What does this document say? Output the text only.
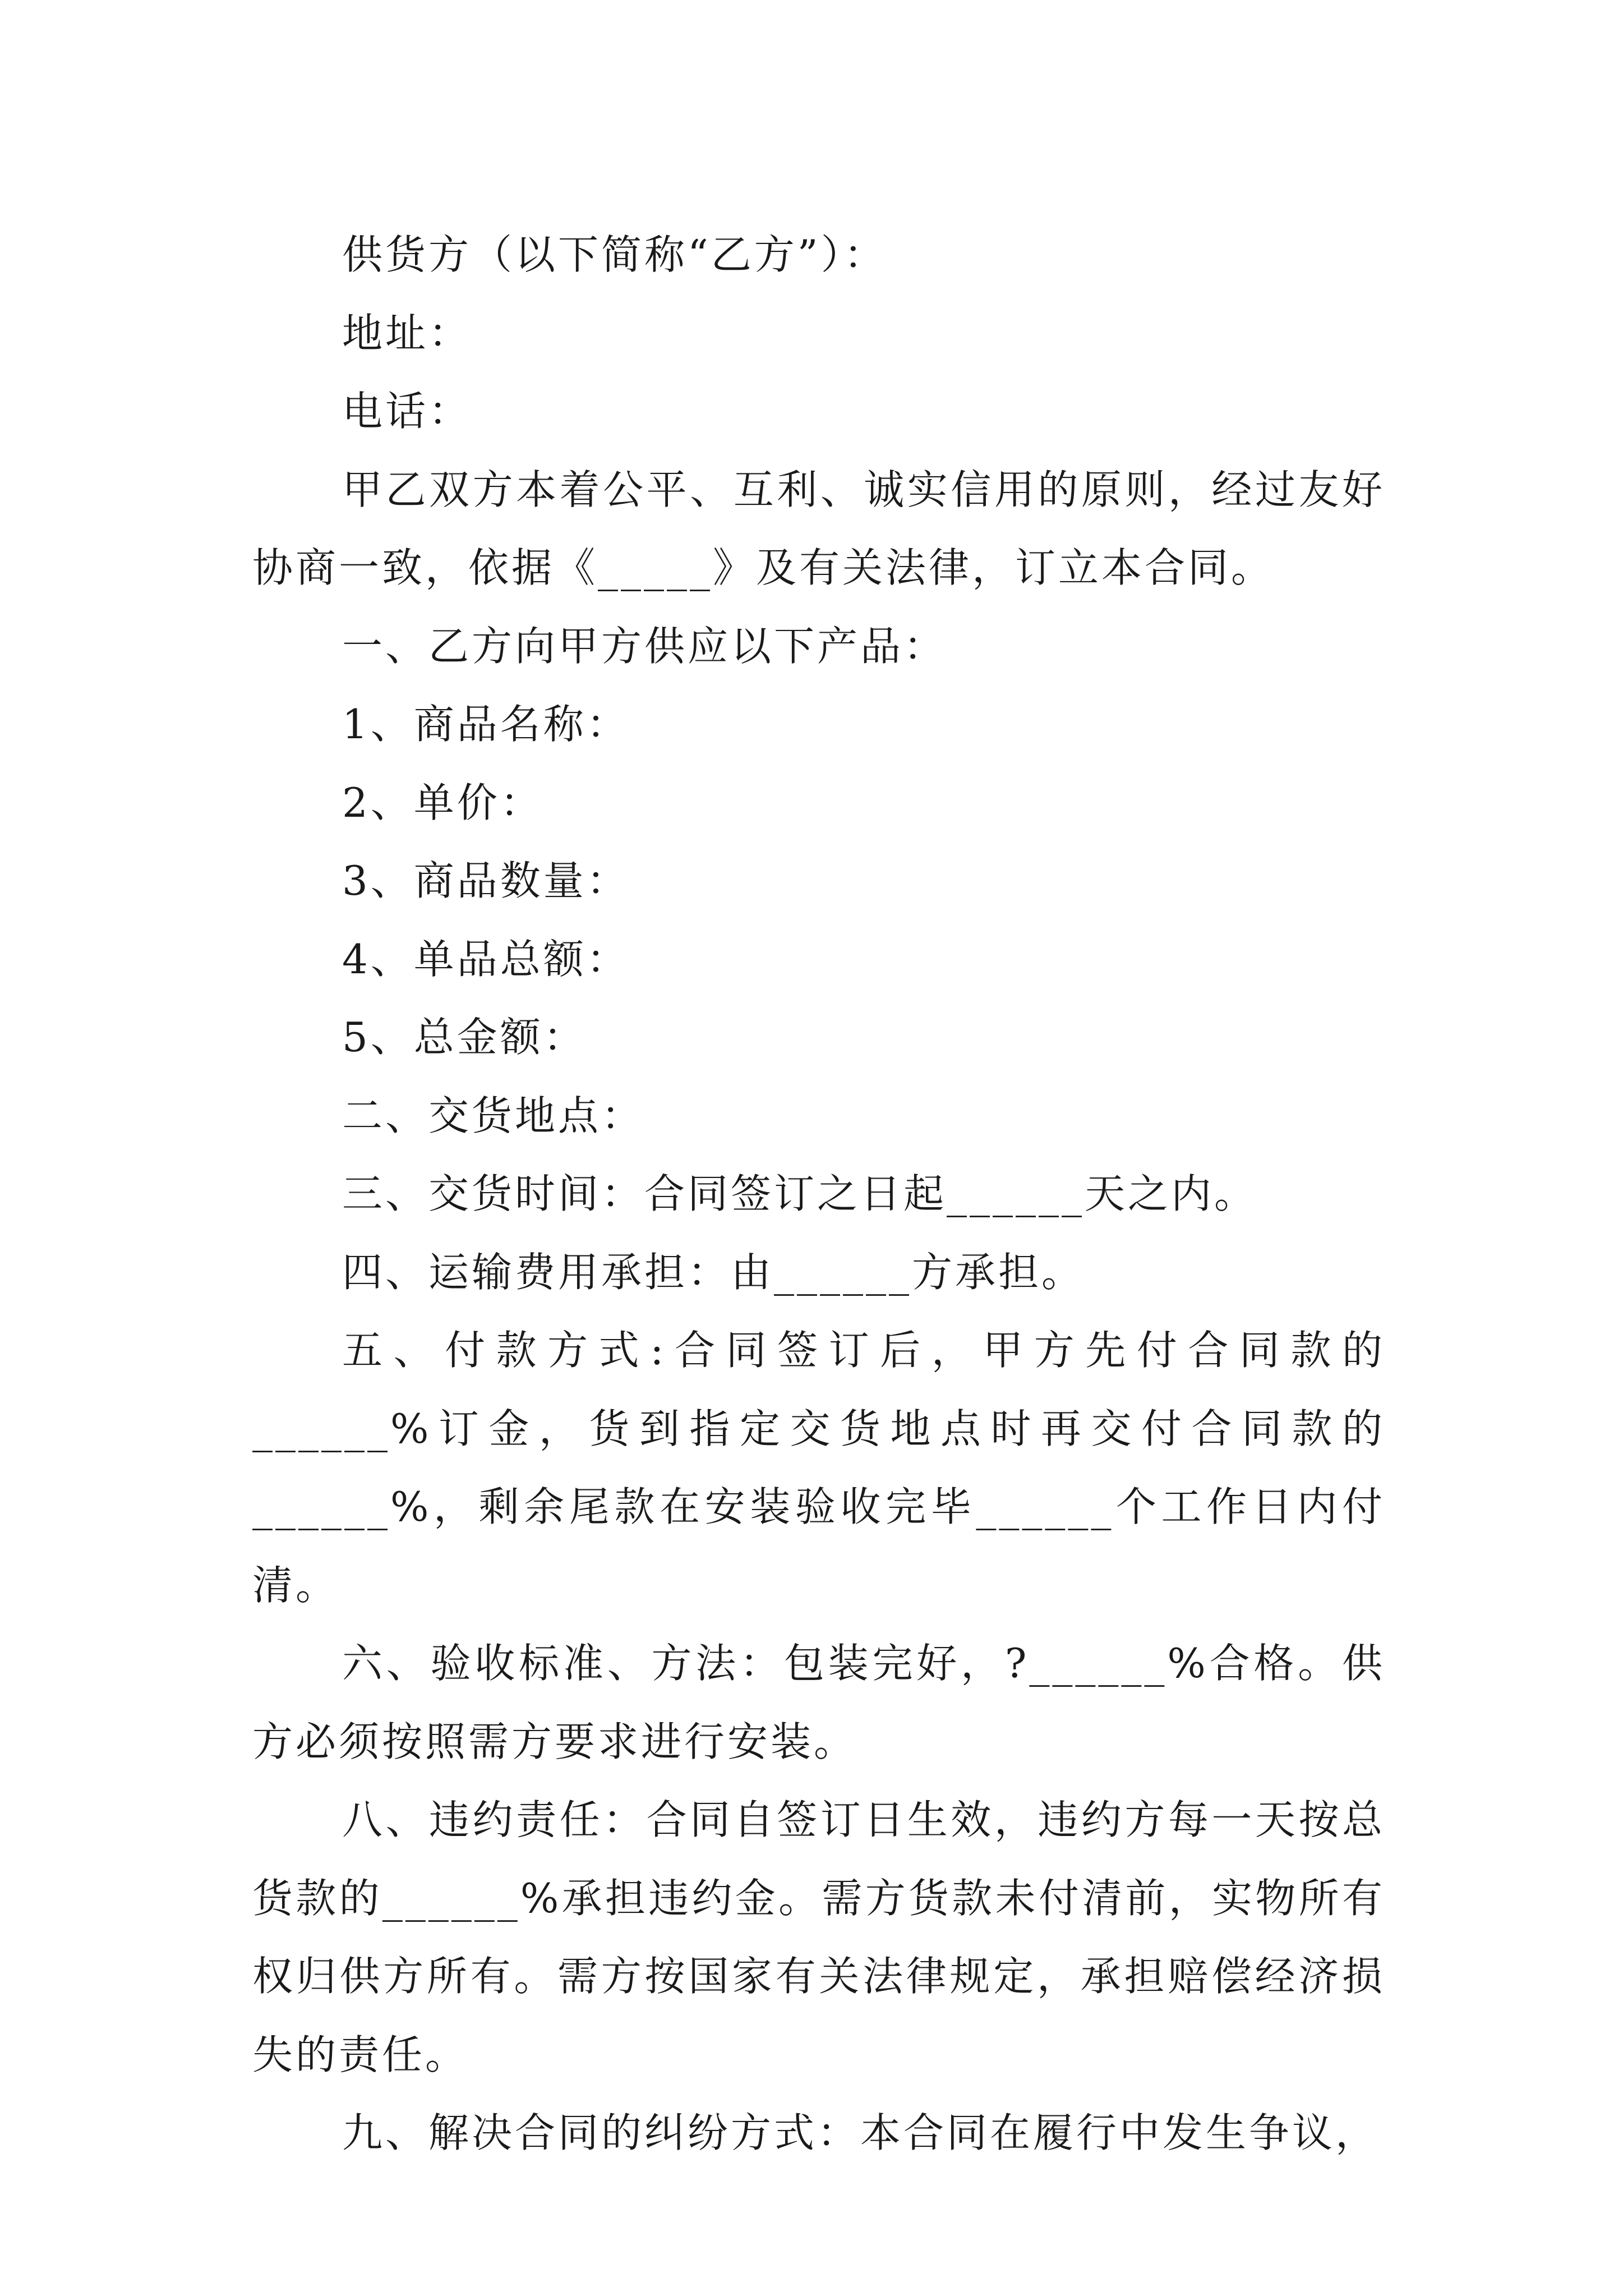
供货方（以下简称“乙方”）：

地址：

电话：

甲乙双方本着公平、互利、诚实信用的原则，经过友好协商一致，依据《_____》及有关法律，订立本合同。

一、乙方向甲方供应以下产品：

1、商品名称：

2、单价：

3、商品数量：

4、单品总额：

5、总金额：

二、交货地点：

三、交货时间：合同签订之日起______天之内。

四、运输费用承担：由______方承担。

五、付款方式:合同签订后，甲方先付合同款的______%订金，货到指定交货地点时再交付合同款的______%，剩余尾款在安装验收完毕______个工作日内付清。

六、验收标准、方法：包装完好，?______%合格。供方必须按照需方要求进行安装。

八、违约责任：合同自签订日生效，违约方每一天按总货款的______%承担违约金。需方货款未付清前，实物所有权归供方所有。需方按国家有关法律规定，承担赔偿经济损失的责任。

九、解决合同的纠纷方式：本合同在履行中发生争议，
